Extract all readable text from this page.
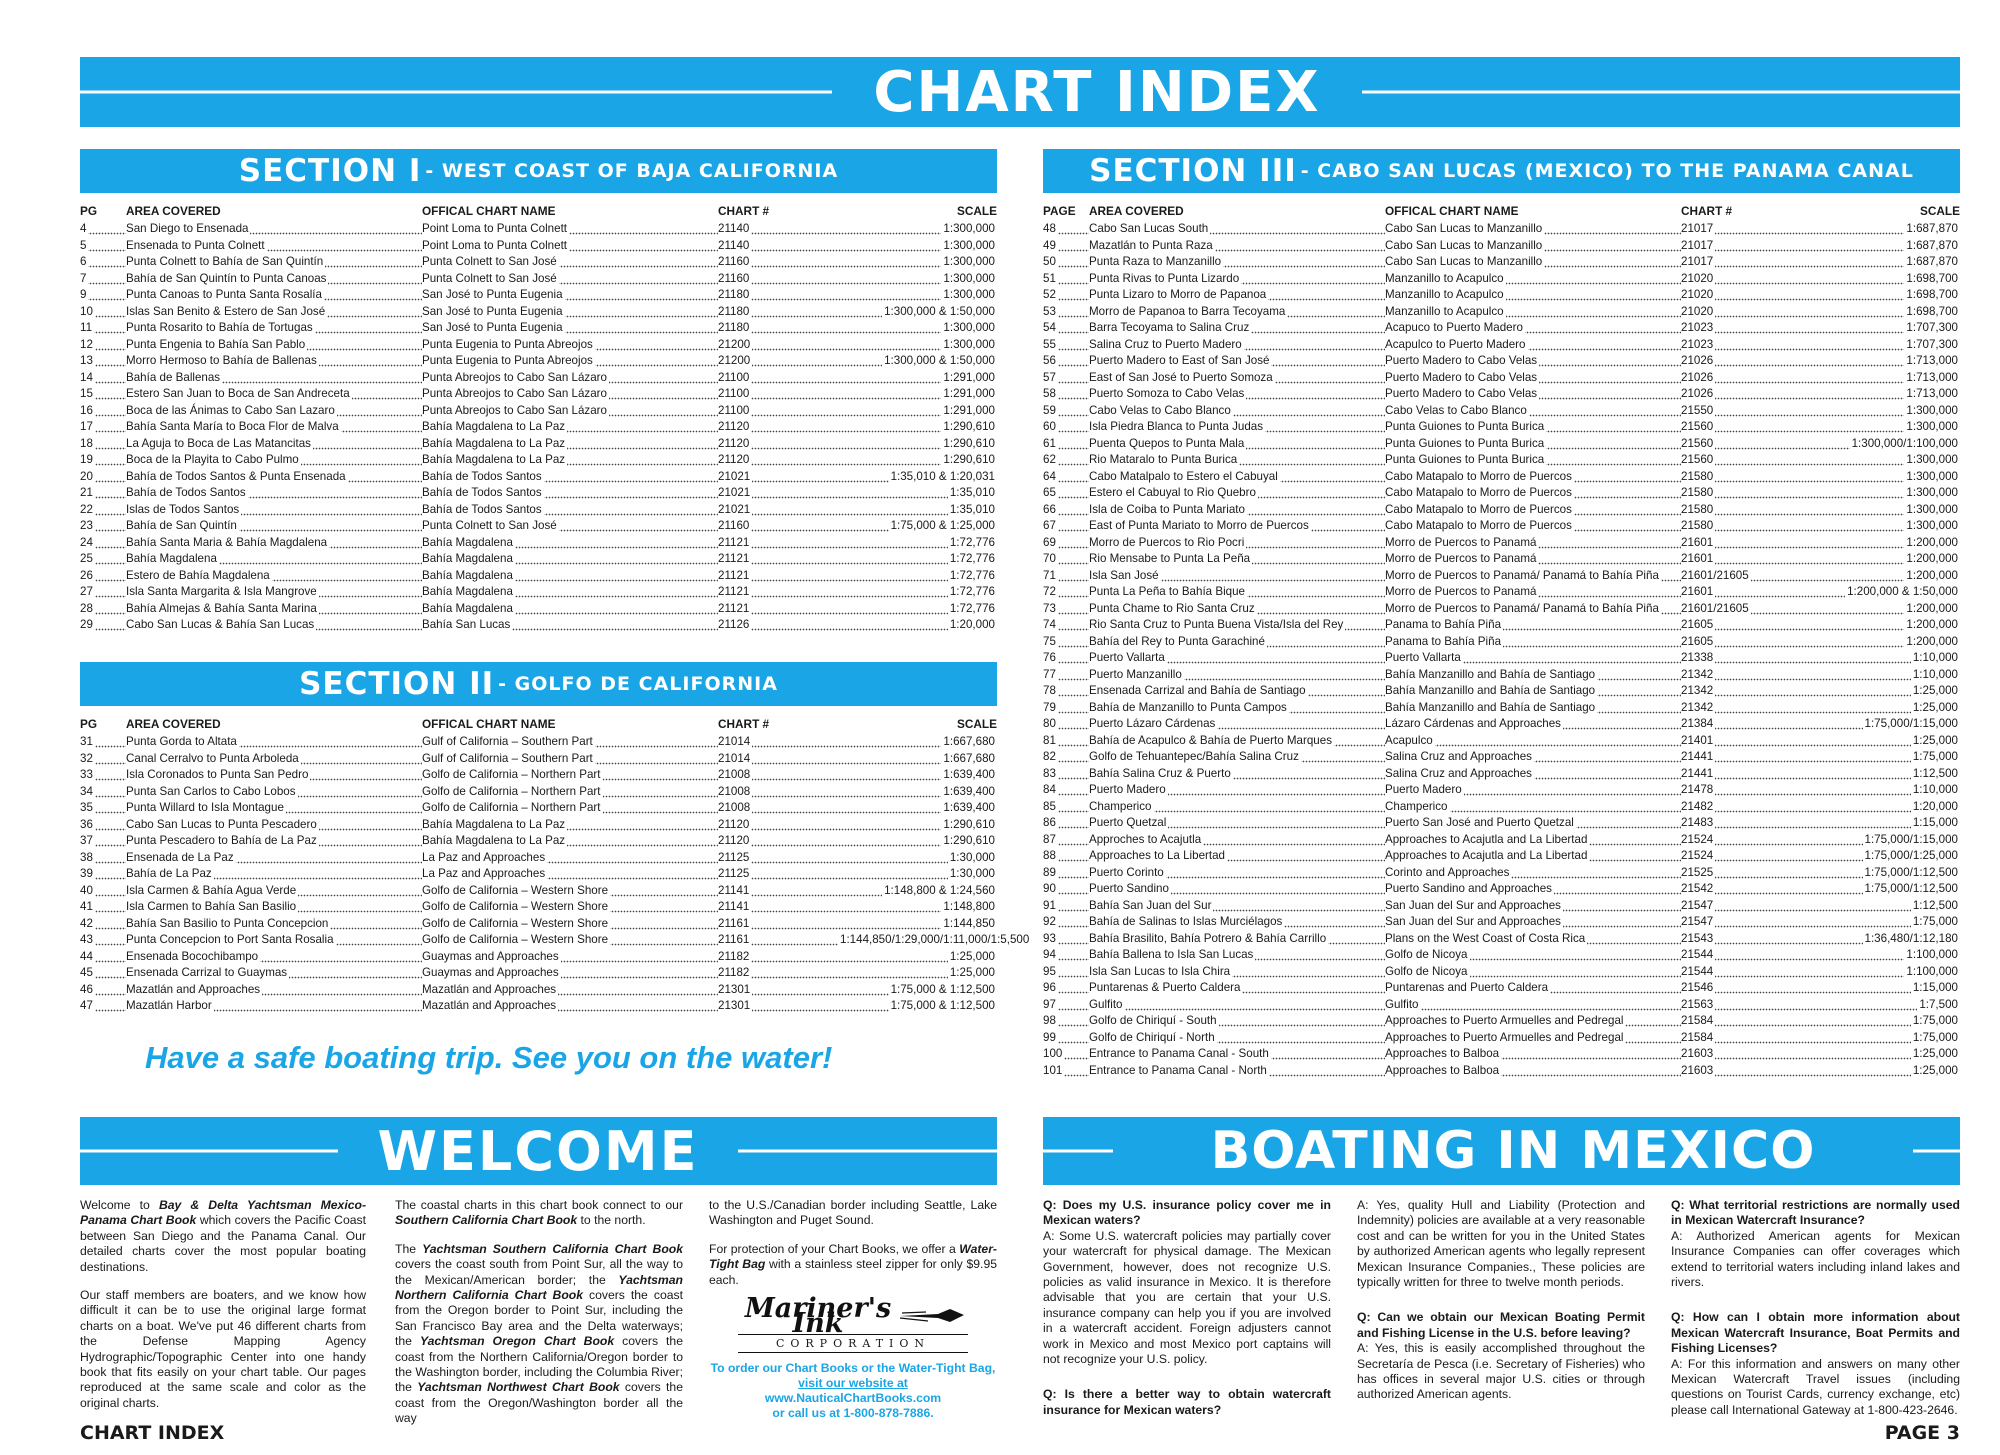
CHART INDEX
SECTION I - WEST COAST OF BAJA CALIFORNIA
PG	AREA COVERED	OFFICAL CHART NAME	CHART #	SCALE
4	San Diego to Ensenada	Point Loma to Punta Colnett	21140	1:300,000
5	Ensenada to Punta Colnett	Point Loma to Punta Colnett	21140	1:300,000
6	Punta Colnett to Bahía de San Quintín	Punta Colnett to San José	21160	1:300,000
7	Bahía de San Quintín to Punta Canoas	Punta Colnett to San José	21160	1:300,000
9	Punta Canoas to Punta Santa Rosalía	San José to Punta Eugenia	21180	1:300,000
10	Islas San Benito & Estero de San José	San José to Punta Eugenia	21180	1:300,000 & 1:50,000
11	Punta Rosarito to Bahía de Tortugas	San José to Punta Eugenia	21180	1:300,000
12	Punta Engenia to Bahía San Pablo	Punta Eugenia to Punta Abreojos	21200	1:300,000
13	Morro Hermoso to Bahía de Ballenas	Punta Eugenia to Punta Abreojos	21200	1:300,000 & 1:50,000
14	Bahía de Ballenas	Punta Abreojos to Cabo San Lázaro	21100	1:291,000
15	Estero San Juan to Boca de San Andreceta	Punta Abreojos to Cabo San Lázaro	21100	1:291,000
16	Boca de las Ánimas to Cabo San Lazaro	Punta Abreojos to Cabo San Lázaro	21100	1:291,000
17	Bahía Santa María to Boca Flor de Malva	Bahía Magdalena to La Paz	21120	1:290,610
18	La Aguja to Boca de Las Matancitas	Bahía Magdalena to La Paz	21120	1:290,610
19	Boca de la Playita to Cabo Pulmo	Bahía Magdalena to La Paz	21120	1:290,610
20	Bahía de Todos Santos & Punta Ensenada	Bahía de Todos Santos	21021	1:35,010 & 1:20,031
21	Bahía de Todos Santos	Bahía de Todos Santos	21021	1:35,010
22	Islas de Todos Santos	Bahía de Todos Santos	21021	1:35,010
23	Bahía de San Quintín	Punta Colnett to San José	21160	1:75,000 & 1:25,000
24	Bahía Santa Maria & Bahía Magdalena	Bahía Magdalena	21121	1:72,776
25	Bahía Magdalena	Bahía Magdalena	21121	1:72,776
26	Estero de Bahía Magdalena	Bahía Magdalena	21121	1:72,776
27	Isla Santa Margarita & Isla Mangrove	Bahía Magdalena	21121	1:72,776
28	Bahía Almejas & Bahía Santa Marina	Bahía Magdalena	21121	1:72,776
29	Cabo San Lucas & Bahía San Lucas	Bahía San Lucas	21126	1:20,000
SECTION II - GOLFO DE CALIFORNIA
PG	AREA COVERED	OFFICAL CHART NAME	CHART #	SCALE
31	Punta Gorda to Altata	Gulf of California – Southern Part	21014	1:667,680
32	Canal Cerralvo to Punta Arboleda	Gulf of California – Southern Part	21014	1:667,680
33	Isla Coronados to Punta San Pedro	Golfo de California – Northern Part	21008	1:639,400
34	Punta San Carlos to Cabo Lobos	Golfo de California – Northern Part	21008	1:639,400
35	Punta Willard to Isla Montague	Golfo de California – Northern Part	21008	1:639,400
36	Cabo San Lucas to Punta Pescadero	Bahía Magdalena to La Paz	21120	1:290,610
37	Punta Pescadero to Bahía de La Paz	Bahía Magdalena to La Paz	21120	1:290,610
38	Ensenada de La Paz	La Paz and Approaches	21125	1:30,000
39	Bahía de La Paz	La Paz and Approaches	21125	1:30,000
40	Isla Carmen & Bahía Agua Verde	Golfo de California – Western Shore	21141	1:148,800 & 1:24,560
41	Isla Carmen to Bahía San Basilio	Golfo de California – Western Shore	21141	1:148,800
42	Bahía San Basilio to Punta Concepcion	Golfo de California – Western Shore	21161	1:144,850
43	Punta Concepcion to Port Santa Rosalia	Golfo de California – Western Shore	21161	1:144,850/1:29,000/1:11,000/1:5,500
44	Ensenada Bocochibampo	Guaymas and Approaches	21182	1:25,000
45	Ensenada Carrizal to Guaymas	Guaymas and Approaches	21182	1:25,000
46	Mazatlán and Approaches	Mazatlán and Approaches	21301	1:75,000 & 1:12,500
47	Mazatlán Harbor	Mazatlán and Approaches	21301	1:75,000 & 1:12,500
Have a safe boating trip. See you on the water!
SECTION III - CABO SAN LUCAS (MEXICO) TO THE PANAMA CANAL
PAGE	AREA COVERED	OFFICAL CHART NAME	CHART #	SCALE
48	Cabo San Lucas South	Cabo San Lucas to Manzanillo	21017	1:687,870
49	Mazatlán to Punta Raza	Cabo San Lucas to Manzanillo	21017	1:687,870
50	Punta Raza to Manzanillo	Cabo San Lucas to Manzanillo	21017	1:687,870
51	Punta Rivas to Punta Lizardo	Manzanillo to Acapulco	21020	1:698,700
52	Punta Lizaro to Morro de Papanoa	Manzanillo to Acapulco	21020	1:698,700
53	Morro de Papanoa to Barra Tecoyama	Manzanillo to Acapulco	21020	1:698,700
54	Barra Tecoyama to Salina Cruz	Acapuco to Puerto Madero	21023	1:707,300
55	Salina Cruz to Puerto Madero	Acapulco to Puerto Madero	21023	1:707,300
56	Puerto Madero to East of San José	Puerto Madero to Cabo Velas	21026	1:713,000
57	East of San José to Puerto Somoza	Puerto Madero to Cabo Velas	21026	1:713,000
58	Puerto Somoza to Cabo Velas	Puerto Madero to Cabo Velas	21026	1:713,000
59	Cabo Velas to Cabo Blanco	Cabo Velas to Cabo Blanco	21550	1:300,000
60	Isla Piedra Blanca to Punta Judas	Punta Guiones to Punta Burica	21560	1:300,000
61	Puenta Quepos to Punta Mala	Punta Guiones to Punta Burica	21560	1:300,000/1:100,000
62	Rio Mataralo to Punta Burica	Punta Guiones to Punta Burica	21560	1:300,000
64	Cabo Matalpalo to Estero el Cabuyal	Cabo Matapalo to Morro de Puercos	21580	1:300,000
65	Estero el Cabuyal to Rio Quebro	Cabo Matapalo to Morro de Puercos	21580	1:300,000
66	Isla de Coiba to Punta Mariato	Cabo Matapalo to Morro de Puercos	21580	1:300,000
67	East of Punta Mariato to Morro de Puercos	Cabo Matapalo to Morro de Puercos	21580	1:300,000
69	Morro de Puercos to Rio Pocri	Morro de Puercos to Panamá	21601	1:200,000
70	Rio Mensabe to Punta La Peña	Morro de Puercos to Panamá	21601	1:200,000
71	Isla San José	Morro de Puercos to Panamá/ Panamá to Bahía Piña	21601/21605	1:200,000
72	Punta La Peña to Bahía Bique	Morro de Puercos to Panamá	21601	1:200,000 & 1:50,000
73	Punta Chame to Rio Santa Cruz	Morro de Puercos to Panamá/ Panamá to Bahía Piña	21601/21605	1:200,000
74	Rio Santa Cruz to Punta Buena Vista/Isla del Rey	Panama to Bahía Piña	21605	1:200,000
75	Bahía del Rey to Punta Garachiné	Panama to Bahía Piña	21605	1:200,000
76	Puerto Vallarta	Puerto Vallarta	21338	1:10,000
77	Puerto Manzanillo	Bahía Manzanillo and Bahía de Santiago	21342	1:10,000
78	Ensenada Carrizal and Bahía de Santiago	Bahía Manzanillo and Bahía de Santiago	21342	1:25,000
79	Bahía de Manzanillo to Punta Campos	Bahía Manzanillo and Bahía de Santiago	21342	1:25,000
80	Puerto Lázaro Cárdenas	Lázaro Cárdenas and Approaches	21384	1:75,000/1:15,000
81	Bahía de Acapulco & Bahía de Puerto Marques	Acapulco	21401	1:25,000
82	Golfo de Tehuantepec/Bahía Salina Cruz	Salina Cruz and Approaches	21441	1:75,000
83	Bahía Salina Cruz & Puerto	Salina Cruz and Approaches	21441	1:12,500
84	Puerto Madero	Puerto Madero	21478	1:10,000
85	Champerico	Champerico	21482	1:20,000
86	Puerto Quetzal	Puerto San José and Puerto Quetzal	21483	1:15,000
87	Approches to Acajutla	Approaches to Acajutla and La Libertad	21524	1:75,000/1:15,000
88	Approaches to La Libertad	Approaches to Acajutla and La Libertad	21524	1:75,000/1:25,000
89	Puerto Corinto	Corinto and Approaches	21525	1:75,000/1:12,500
90	Puerto Sandino	Puerto Sandino and Approaches	21542	1:75,000/1:12,500
91	Bahía San Juan del Sur	San Juan del Sur and Approaches	21547	1:12,500
92	Bahía de Salinas to Islas Murciélagos	San Juan del Sur and Approaches	21547	1:75,000
93	Bahía Brasilito, Bahía Potrero & Bahía Carrillo	Plans on the West Coast of Costa Rica	21543	1:36,480/1:12,180
94	Bahía Ballena to Isla San Lucas	Golfo de Nicoya	21544	1:100,000
95	Isla San Lucas to Isla Chira	Golfo de Nicoya	21544	1:100,000
96	Puntarenas & Puerto Caldera	Puntarenas and Puerto Caldera	21546	1:15,000
97	Gulfito	Gulfito	21563	1:7,500
98	Golfo de Chiriquí - South	Approaches to Puerto Armuelles and Pedregal	21584	1:75,000
99	Golfo de Chiriquí - North	Approaches to Puerto Armuelles and Pedregal	21584	1:75,000
100	Entrance to Panama Canal - South	Approaches to Balboa	21603	1:25,000
101	Entrance to Panama Canal - North	Approaches to Balboa	21603	1:25,000
WELCOME	BOATING IN MEXICO

Welcome to Bay & Delta Yachtsman Mexico-Panama Chart Book which covers the Pacific Coast between San Diego and the Panama Canal. Our detailed charts cover the most popular boating destinations.

Our staff members are boaters, and we know how difficult it can be to use the original large format charts on a boat. We've put 46 different charts from the Defense Mapping Agency Hydrographic/Topographic Center into one handy book that fits easily on your chart table. Our pages reproduced at the same scale and color as the original charts.

The coastal charts in this chart book connect to our Southern California Chart Book to the north.

The Yachtsman Southern California Chart Book covers the coast south from Point Sur, all the way to the Mexican/American border; the Yachtsman Northern California Chart Book covers the coast from the Oregon border to Point Sur, including the San Francisco Bay area and the Delta waterways; the Yachtsman Oregon Chart Book covers the coast from the Northern California/Oregon border to the Washington border, including the Columbia River; the Yachtsman Northwest Chart Book covers the coast from the Oregon/Washington border all the way

to the U.S./Canadian border including Seattle, Lake Washington and Puget Sound.

For protection of your Chart Books, we offer a Water-Tight Bag with a stainless steel zipper for only $9.95 each.

Mariner's Ink
CORPORATION
To order our Chart Books or the Water-Tight Bag,
visit our website at
www.NauticalChartBooks.com
or call us at 1-800-878-7886.

Q: Does my U.S. insurance policy cover me in Mexican waters?

A: Some U.S. watercraft policies may partially cover your watercraft for physical damage. The Mexican Government, however, does not recognize U.S. policies as valid insurance in Mexico. It is therefore advisable that you are certain that your U.S. insurance company can help you if you are involved in a watercraft accident. Foreign adjusters cannot work in Mexico and most Mexico port captains will not recognize your U.S. policy.

Q: Is there a better way to obtain watercraft insurance for Mexican waters?

A: Yes, quality Hull and Liability (Protection and Indemnity) policies are available at a very reasonable cost and can be written for you in the United States by authorized American agents who legally represent Mexican Insurance Companies., These policies are typically written for three to twelve month periods.

Q: Can we obtain our Mexican Boating Permit and Fishing License in the U.S. before leaving?

A: Yes, this is easily accomplished throughout the Secretaría de Pesca (i.e. Secretary of Fisheries) who has offices in several major U.S. cities or through authorized American agents.

Q: What territorial restrictions are normally used in Mexican Watercraft Insurance?

A: Authorized American agents for Mexican Insurance Companies can offer coverages which extend to territorial waters including inland lakes and rivers.

Q: How can I obtain more information about Mexican Watercraft Insurance, Boat Permits and Fishing Licenses?

A: For this information and answers on many other Mexican Watercraft Travel issues (including questions on Tourist Cards, currency exchange, etc) please call International Gateway at 1-800-423-2646.

CHART INDEX	PAGE 3
